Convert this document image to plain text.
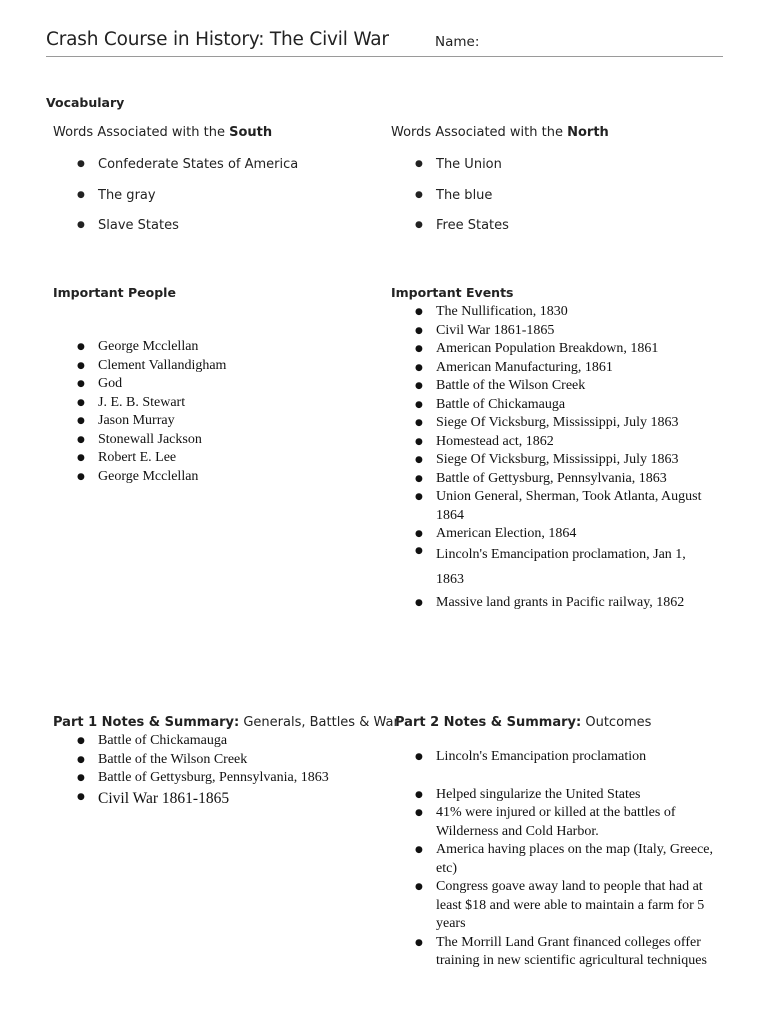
Crash Course in History: The Civil War	Name:
Vocabulary
Words Associated with the South
● Confederate States of America
● The gray
● Slave States
Words Associated with the North
● The Union
● The blue
● Free States
Important People
● George Mcclellan
● Clement Vallandigham
● God
● J. E. B. Stewart
● Jason Murray
● Stonewall Jackson
● Robert E. Lee
● George Mcclellan
Important Events
● The Nullification, 1830
● Civil War 1861-1865
● American Population Breakdown, 1861
● American Manufacturing, 1861
● Battle of the Wilson Creek
● Battle of Chickamauga
● Siege Of Vicksburg, Mississippi, July 1863
● Homestead act, 1862
● Siege Of Vicksburg, Mississippi, July 1863
● Battle of Gettysburg, Pennsylvania, 1863
● Union General, Sherman, Took Atlanta, August 1864
● American Election, 1864
● Lincoln's Emancipation proclamation, Jan 1, 1863
● Massive land grants in Pacific railway, 1862
Part 1 Notes & Summary: Generals, Battles & War
● Battle of Chickamauga
● Battle of the Wilson Creek
● Battle of Gettysburg, Pennsylvania, 1863
● Civil War 1861-1865
Part 2 Notes & Summary: Outcomes
● Lincoln's Emancipation proclamation
● Helped singularize the United States
● 41% were injured or killed at the battles of Wilderness and Cold Harbor.
● America having places on the map (Italy, Greece, etc)
● Congress goave away land to people that had at least $18 and were able to maintain a farm for 5 years
● The Morrill Land Grant financed colleges offer training in new scientific agricultural techniques
